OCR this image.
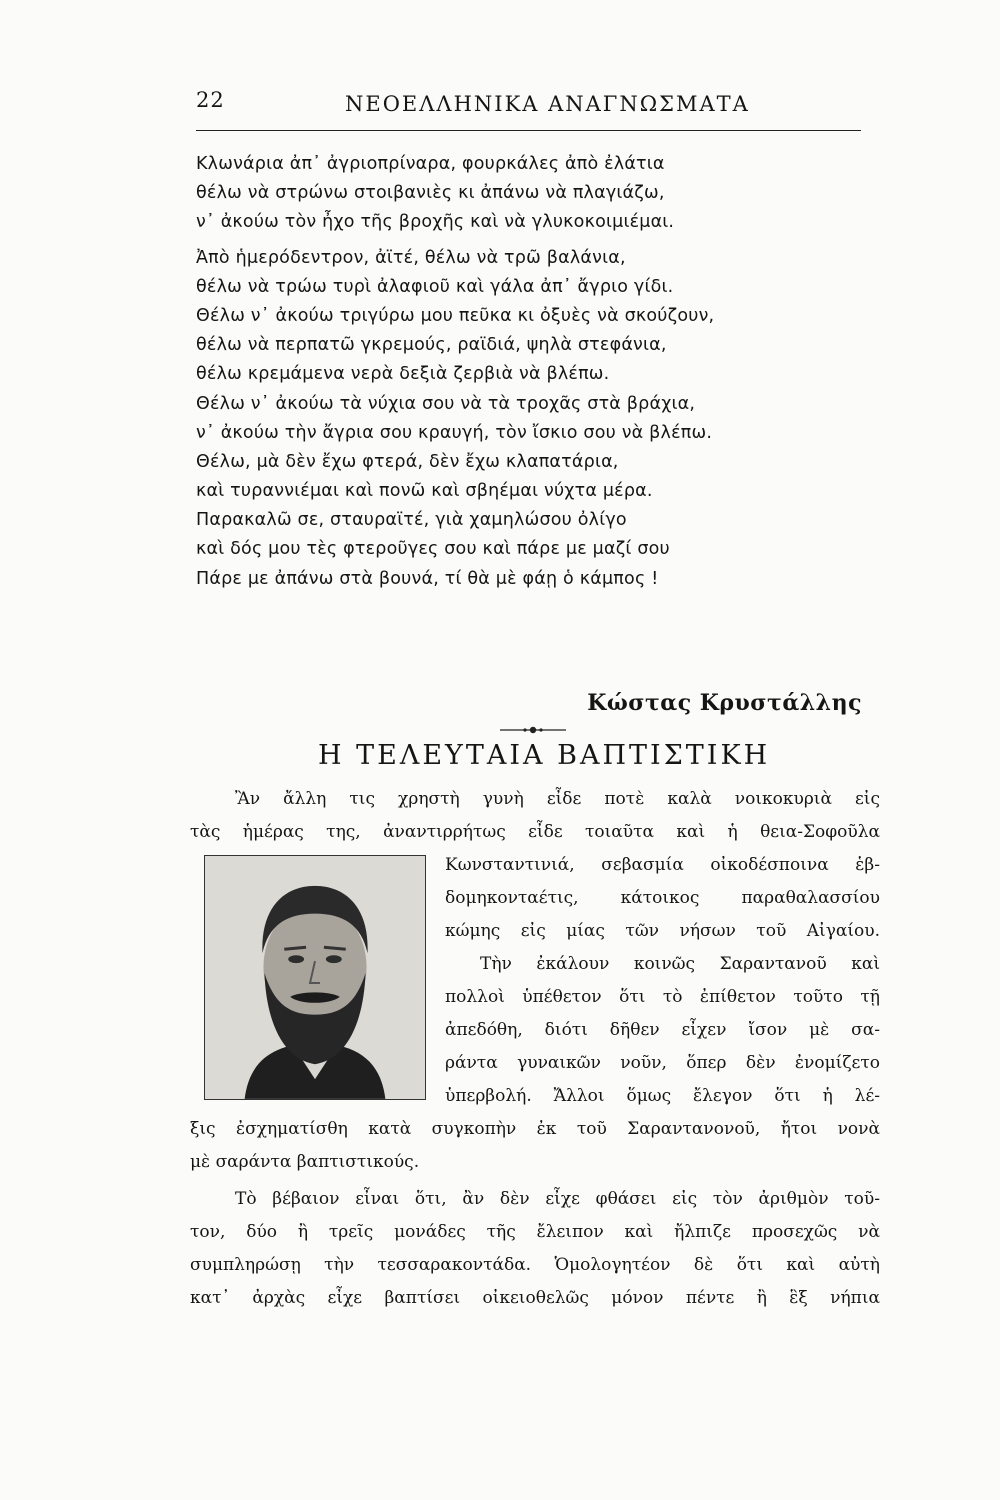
22	ΝΕΟΕΛΛΗΝΙΚΑ ΑΝΑΓΝΩΣΜΑΤΑ
Κλωνάρια ἀπ᾽ ἀγριοπρίναρα, φουρκάλες ἀπὸ ἐλάτια
θέλω νὰ στρώνω στοιβανιὲς κι ἀπάνω νὰ πλαγιάζω,
ν᾽ ἀκούω τὸν ἦχο τῆς βροχῆς καὶ νὰ γλυκοκοιμιέμαι.
Ἀπὸ ἡμερόδεντρον, ἀϊτέ, θέλω νὰ τρῶ βαλάνια,
θέλω νὰ τρώω τυρὶ ἀλαφιοῦ καὶ γάλα ἀπ᾽ ἄγριο γίδι.
Θέλω ν᾽ ἀκούω τριγύρω μου πεῦκα κι ὀξυὲς νὰ σκούζουν,
θέλω νὰ περπατῶ γκρεμούς, ραϊδιά, ψηλὰ στεφάνια,
θέλω κρεμάμενα νερὰ δεξιὰ ζερβιὰ νὰ βλέπω.
Θέλω ν᾽ ἀκούω τὰ νύχια σου νὰ τὰ τροχᾶς στὰ βράχια,
ν᾽ ἀκούω τὴν ἄγρια σου κραυγή, τὸν ἴσκιο σου νὰ βλέπω.
Θέλω, μὰ δὲν ἔχω φτερά, δὲν ἔχω κλαπατάρια,
καὶ τυραννιέμαι καὶ πονῶ καὶ σβηέμαι νύχτα μέρα.
Παρακαλῶ σε, σταυραϊτέ, γιὰ χαμηλώσου ὀλίγο
καὶ δός μου τὲς φτεροῦγες σου καὶ πάρε με μαζί σου
Πάρε με ἀπάνω στὰ βουνά, τί θὰ μὲ φάῃ ὁ κάμπος !
Κώστας Κρυστάλλης
Η ΤΕΛΕΥΤΑΙΑ ΒΑΠΤΙΣΤΙΚΗ
Ἂν ἄλλη τις χρηστὴ γυνὴ εἶδε ποτὲ καλὰ νοικοκυριὰ εἰς
τὰς ἡμέρας της, ἀναντιρρήτως εἶδε τοιαῦτα καὶ ἡ θεια-Σοφοῦλα
Κωνσταντινιά, σεβασμία οἰκοδέσποινα ἑβ-
δομηκονταέτις, κάτοικος παραθαλασσίου
κώμης εἰς μίας τῶν νήσων τοῦ Αἰγαίου.
Τὴν ἐκάλουν κοινῶς Σαραντανοῦ καὶ
πολλοὶ ὑπέθετον ὅτι τὸ ἐπίθετον τοῦτο τῇ
ἀπεδόθη, διότι δῆθεν εἶχεν ἴσον μὲ σα-
ράντα γυναικῶν νοῦν, ὅπερ δὲν ἐνομίζετο
ὑπερβολή. Ἄλλοι ὅμως ἔλεγον ὅτι ἡ λέ-
ξις ἐσχηματίσθη κατὰ συγκοπὴν ἐκ τοῦ Σαραντανονοῦ, ἤτοι νονὰ
μὲ σαράντα βαπτιστικούς.
Τὸ βέβαιον εἶναι ὅτι, ἂν δὲν εἶχε φθάσει εἰς τὸν ἀριθμὸν τοῦ-
τον, δύο ἢ τρεῖς μονάδες τῆς ἔλειπον καὶ ἤλπιζε προσεχῶς νὰ
συμπληρώσῃ τὴν τεσσαρακοντάδα. Ὁμολογητέον δὲ ὅτι καὶ αὐτὴ
κατ᾽ ἀρχὰς εἶχε βαπτίσει οἰκειοθελῶς μόνον πέντε ἢ ἓξ νήπια
